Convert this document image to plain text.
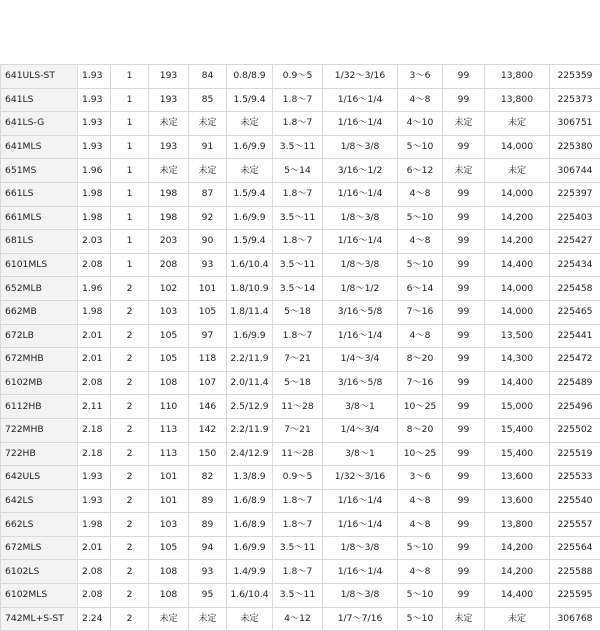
641ULS-ST	1.93	1	193	84	0.8/8.9	0.9～5	1/32～3/16	3～6	99	13,800	225359
641LS	1.93	1	193	85	1.5/9.4	1.8～7	1/16～1/4	4～8	99	13,800	225373
641LS-G	1.93	1	未定	未定	未定	1.8～7	1/16～1/4	4～10	未定	未定	306751
641MLS	1.93	1	193	91	1.6/9.9	3.5～11	1/8～3/8	5～10	99	14,000	225380
651MS	1.96	1	未定	未定	未定	5～14	3/16～1/2	6～12	未定	未定	306744
661LS	1.98	1	198	87	1.5/9.4	1.8～7	1/16～1/4	4～8	99	14,000	225397
661MLS	1.98	1	198	92	1.6/9.9	3.5～11	1/8～3/8	5～10	99	14,200	225403
681LS	2.03	1	203	90	1.5/9.4	1.8～7	1/16～1/4	4～8	99	14,200	225427
6101MLS	2.08	1	208	93	1.6/10.4	3.5～11	1/8～3/8	5～10	99	14,400	225434
652MLB	1.96	2	102	101	1.8/10.9	3.5～14	1/8～1/2	6～14	99	14,000	225458
662MB	1.98	2	103	105	1.8/11.4	5～18	3/16～5/8	7～16	99	14,000	225465
672LB	2.01	2	105	97	1.6/9.9	1.8～7	1/16～1/4	4～8	99	13,500	225441
672MHB	2.01	2	105	118	2.2/11.9	7～21	1/4～3/4	8～20	99	14,300	225472
6102MB	2.08	2	108	107	2.0/11.4	5～18	3/16～5/8	7～16	99	14,400	225489
6112HB	2.11	2	110	146	2.5/12.9	11～28	3/8～1	10～25	99	15,000	225496
722MHB	2.18	2	113	142	2.2/11.9	7～21	1/4～3/4	8～20	99	15,400	225502
722HB	2.18	2	113	150	2.4/12.9	11～28	3/8～1	10～25	99	15,400	225519
642ULS	1.93	2	101	82	1.3/8.9	0.9～5	1/32～3/16	3～6	99	13,600	225533
642LS	1.93	2	101	89	1.6/8.9	1.8～7	1/16～1/4	4～8	99	13,600	225540
662LS	1.98	2	103	89	1.6/8.9	1.8～7	1/16～1/4	4～8	99	13,800	225557
672MLS	2.01	2	105	94	1.6/9.9	3.5～11	1/8～3/8	5～10	99	14,200	225564
6102LS	2.08	2	108	93	1.4/9.9	1.8～7	1/16～1/4	4～8	99	14,200	225588
6102MLS	2.08	2	108	95	1.6/10.4	3.5～11	1/8～3/8	5～10	99	14,400	225595
742ML+S-ST	2.24	2	未定	未定	未定	4～12	1/7～7/16	5～10	未定	未定	306768
